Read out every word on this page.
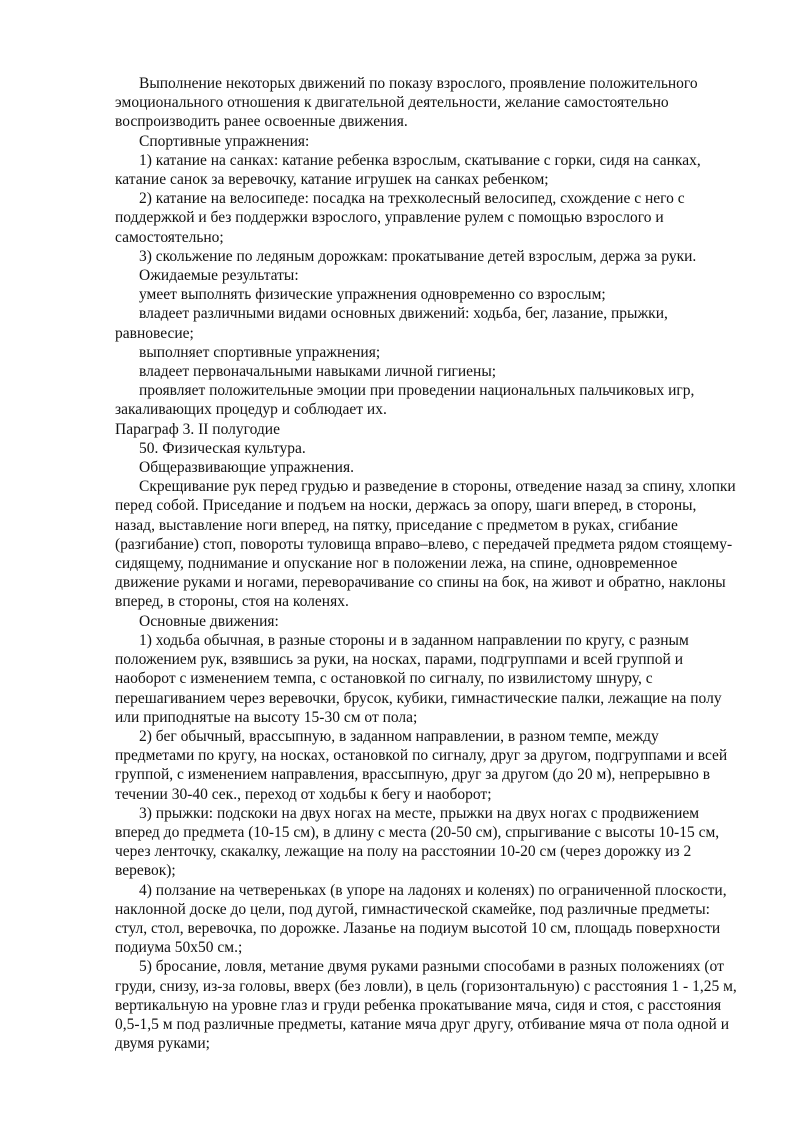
Выполнение некоторых движений по показу взрослого, проявление положительного эмоционального отношения к двигательной деятельности, желание самостоятельно воспроизводить ранее освоенные движения.

Спортивные упражнения:

1) катание на санках: катание ребенка взрослым, скатывание с горки, сидя на санках, катание санок за веревочку, катание игрушек на санках ребенком;

2) катание на велосипеде: посадка на трехколесный велосипед, схождение с него с поддержкой и без поддержки взрослого, управление рулем с помощью взрослого и самостоятельно;

3) скольжение по ледяным дорожкам: прокатывание детей взрослым, держа за руки.

Ожидаемые результаты:

умеет выполнять физические упражнения одновременно со взрослым;

владеет различными видами основных движений: ходьба, бег, лазание, прыжки, равновесие;

выполняет спортивные упражнения;

владеет первоначальными навыками личной гигиены;

проявляет положительные эмоции при проведении национальных пальчиковых игр, закаливающих процедур и соблюдает их.

Параграф 3. II полугодие

50. Физическая культура.

Общеразвивающие упражнения.

Скрещивание рук перед грудью и разведение в стороны, отведение назад за спину, хлопки перед собой. Приседание и подъем на носки, держась за опору, шаги вперед, в стороны, назад, выставление ноги вперед, на пятку, приседание с предметом в руках, сгибание (разгибание) стоп, повороты туловища вправо–влево, с передачей предмета рядом стоящему-сидящему, поднимание и опускание ног в положении лежа, на спине, одновременное движение руками и ногами, переворачивание со спины на бок, на живот и обратно, наклоны вперед, в стороны, стоя на коленях.

Основные движения:

1) ходьба обычная, в разные стороны и в заданном направлении по кругу, с разным положением рук, взявшись за руки, на носках, парами, подгруппами и всей группой и наоборот с изменением темпа, с остановкой по сигналу, по извилистому шнуру, с перешагиванием через веревочки, брусок, кубики, гимнастические палки, лежащие на полу или приподнятые на высоту 15-30 см от пола;

2) бег обычный, врассыпную, в заданном направлении, в разном темпе, между предметами по кругу, на носках, остановкой по сигналу, друг за другом, подгруппами и всей группой, с изменением направления, врассыпную, друг за другом (до 20 м), непрерывно в течении 30-40 сек., переход от ходьбы к бегу и наоборот;

3) прыжки: подскоки на двух ногах на месте, прыжки на двух ногах с продвижением вперед до предмета (10-15 см), в длину с места (20-50 см), спрыгивание с высоты 10-15 см, через ленточку, скакалку, лежащие на полу на расстоянии 10-20 см (через дорожку из 2 веревок);

4) ползание на четвереньках (в упоре на ладонях и коленях) по ограниченной плоскости, наклонной доске до цели, под дугой, гимнастической скамейке, под различные предметы: стул, стол, веревочка, по дорожке. Лазанье на подиум высотой 10 см, площадь поверхности подиума 50х50 см.;

5) бросание, ловля, метание двумя руками разными способами в разных положениях (от груди, снизу, из-за головы, вверх (без ловли), в цель (горизонтальную) с расстояния 1 - 1,25 м, вертикальную на уровне глаз и груди ребенка прокатывание мяча, сидя и стоя, с расстояния 0,5-1,5 м под различные предметы, катание мяча друг другу, отбивание мяча от пола одной и двумя руками;
